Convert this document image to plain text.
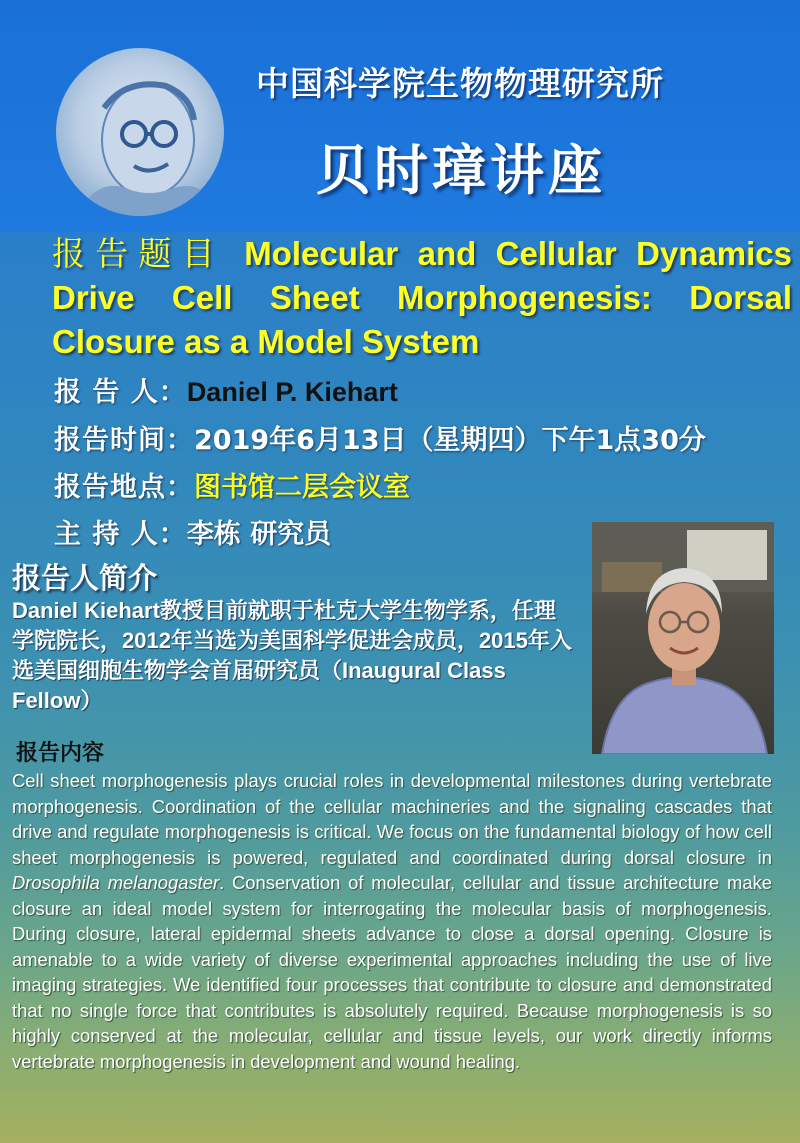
中国科学院生物物理研究所
贝时璋讲座
报告题目 Molecular and Cellular Dynamics Drive Cell Sheet Morphogenesis: Dorsal Closure as a Model System
报 告 人：Daniel P. Kiehart
报告时间：2019年6月13日（星期四）下午1点30分
报告地点：图书馆二层会议室
主 持 人：李栋 研究员
报告人简介
Daniel Kiehart教授目前就职于杜克大学生物学系，任理学院院长，2012年当选为美国科学促进会成员，2015年入选美国细胞生物学会首届研究员（Inaugural Class Fellow）
报告内容
Cell sheet morphogenesis plays crucial roles in developmental milestones during vertebrate morphogenesis. Coordination of the cellular machineries and the signaling cascades that drive and regulate morphogenesis is critical. We focus on the fundamental biology of how cell sheet morphogenesis is powered, regulated and coordinated during dorsal closure in Drosophila melanogaster. Conservation of molecular, cellular and tissue architecture make closure an ideal model system for interrogating the molecular basis of morphogenesis. During closure, lateral epidermal sheets advance to close a dorsal opening. Closure is amenable to a wide variety of diverse experimental approaches including the use of live imaging strategies. We identified four processes that contribute to closure and demonstrated that no single force that contributes is absolutely required. Because morphogenesis is so highly conserved at the molecular, cellular and tissue levels, our work directly informs vertebrate morphogenesis in development and wound healing.
